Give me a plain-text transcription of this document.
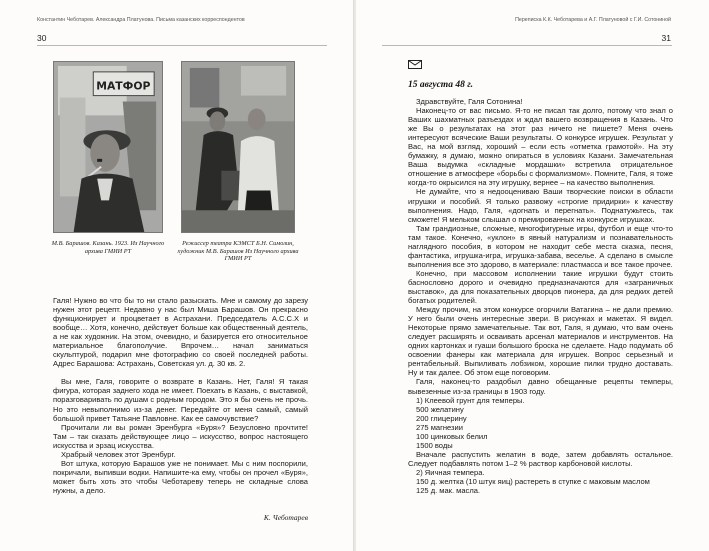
Константин Чеботарев. Александра Платунова. Письма казанских корреспондентов
30
МАТФОР
М.В. Барашов. Казань. 1923. Из Научного архива ГМИИ РТ
Режиссер театра КЭМСТ Б.Н. Симолин, художник М.В. Барашов Из Научного архива ГМИИ РТ

Галя! Нужно во что бы то ни стало разыскать. Мне и самому до зарезу нужен этот рецепт. Недавно у нас был Миша Барашов. Он прекрасно функционирует и процветает в Астрахани. Председатель А.С.С.Х и вообще… Хотя, конечно, действует больше как общественный деятель, а не как художник. На этом, очевидно, и базируется его относительное материальное благополучие. Впрочем… начал заниматься скульптурой, подарил мне фотографию со своей последней работы. Адрес Барашова: Астрахань, Советская ул. д. 30 кв. 2.

Вы мне, Галя, говорите о возврате в Казань. Нет, Галя! Я такая фигура, которая заднего хода не имеет. Поехать в Казань, с выставкой, поразговаривать по душам с родным городом. Это я бы очень не прочь. Но это невыполнимо из-за денег. Передайте от меня самый, самый большой привет Татьяне Павловне. Как ее самочувствие?

Прочитали ли вы роман Эренбурга «Буря»? Безусловно прочтите! Там – так сказать действующее лицо – искусство, вопрос настоящего искусства и эрзац искусства.

Храбрый человек этот Эренбург.

Вот штука, которую Барашов уже не понимает. Мы с ним поспорили, покричали, выпивши водки. Напишите-ка ему, чтобы он прочел «Буря», может быть хоть это чтобы Чеботареву теперь не складные слова нужны, а дело.

К. Чеботарев
Переписка К.К. Чеботарева и А.Г. Платуновой с Г.И. Сотониной
31
15 августа 48 г.

Здравствуйте, Галя Сотонина!

Наконец-то от вас письмо. Я-то не писал так долго, потому что знал о Ваших шахматных разъездах и ждал вашего возвращения в Казань. Что же Вы о результатах на этот раз ничего не пишете? Меня очень интересуют всяческие Ваши результаты. О конкурсе игрушек. Результат у Вас, на мой взгляд, хороший – если есть «отметка грамотой». На эту бумажку, я думаю, можно опираться в условиях Казани. Замечательная Ваша выдумка «складные мордашки» встретила отрицательное отношение в атмосфере «борьбы с формализмом». Помните, Галя, я тоже когда-то окрысился на эту игрушку, вернее – на качество выполнения.

Не думайте, что я недооцениваю Ваши творческие поиски в области игрушки и пособий. Я только развожу «строгие придирки» к качеству выполнения. Надо, Галя, «догнать и перегнать». Поднатужьтесь, так сможете! Я мельком слышал о премированных на конкурсе игрушках.

Там грандиозные, сложные, многофигурные игры, футбол и еще что-то там такое. Конечно, «уклон» в явный натурализм и познавательность наглядного пособия, в котором не находит себе места сказка, песня, фантастика, игрушка-игра, игрушка-забава, веселье. А сделано в смысле выполнения все это здорово, в материале: пластмасса и все такое прочее.

Конечно, при массовом исполнении такие игрушки будут стоить баснословно дорого и очевидно предназначаются для «заграничных выставок», да для показательных дворцов пионера, да для редких детей богатых родителей.

Между прочим, на этом конкурсе огорчили Ватагина – не дали премию. У него были очень интересные звери. В рисунках и макетах. Я видел. Некоторые прямо замечательные. Так вот, Галя, я думаю, что вам очень следует расширять и осваивать арсенал материалов и инструментов. На одних картонках и гуаши большого броска не сделаете. Надо подумать об освоении фанеры как материала для игрушек. Вопрос серьезный и рентабельный. Выпиливать лобзиком, хорошие пилки трудно доставать. Ну и так далее. Об этом еще поговорим.

Галя, наконец-то раздобыл давно обещанные рецепты темперы, вывезенные из-за границы в 1903 году.

1) Клеевой грунт для темперы.

500 желатину

200 глицерину

275 магнезии

100 цинковых белил

1500 воды

Вначале распустить желатин в воде, затем добавлять остальное. Следует подбавлять потом 1–2 % раствор карбоновой кислоты.

2) Яичная темпера.

150 д. желтка (10 штук яиц) растереть в ступке с маковым маслом

125 д. мак. масла.
